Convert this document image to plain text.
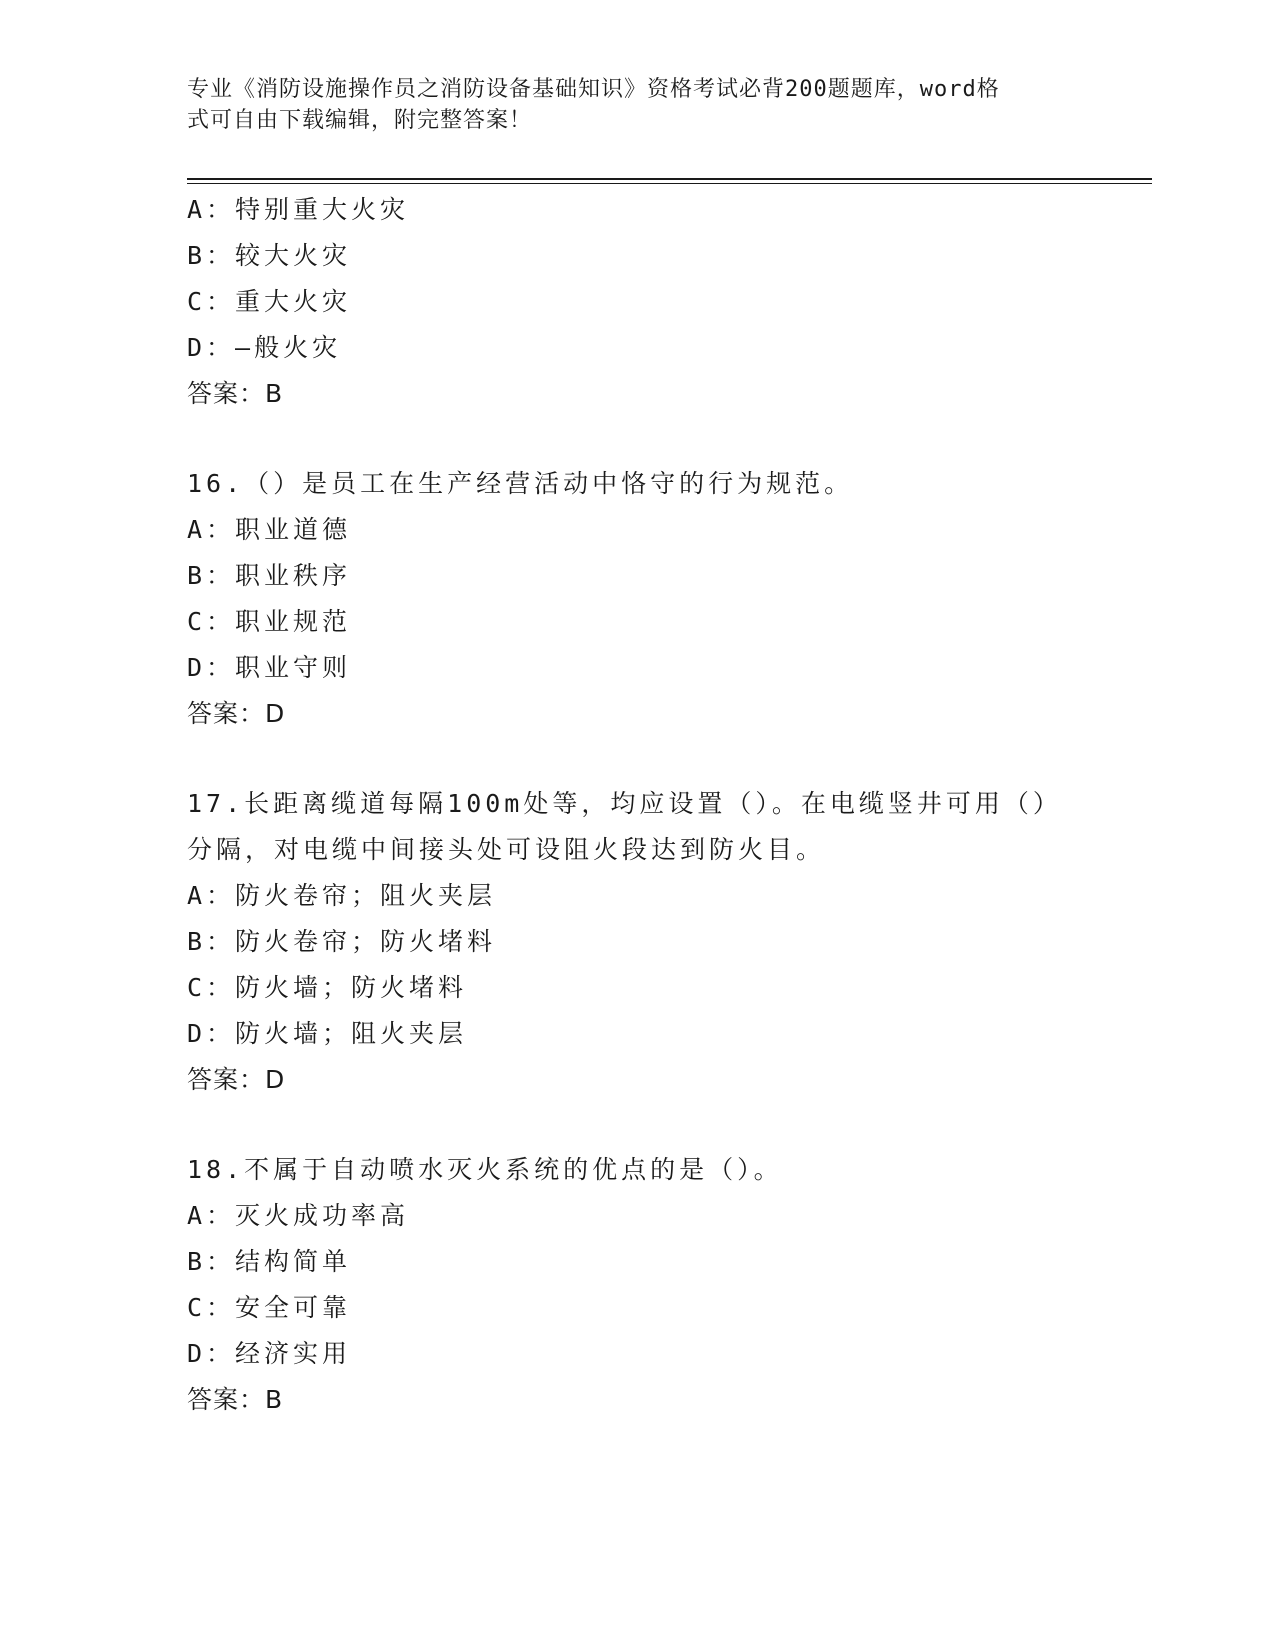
专业《消防设施操作员之消防设备基础知识》资格考试必背200题题库，word格
式可自由下载编辑，附完整答案！
A：特别重大火灾
B：较大火灾
C：重大火灾
D：—般火灾
答案：B
16.（）是员工在生产经营活动中恪守的行为规范。
A：职业道德
B：职业秩序
C：职业规范
D：职业守则
答案：D
17.长距离缆道每隔100m处等，均应设置（）。在电缆竖井可用（）
分隔，对电缆中间接头处可设阻火段达到防火目。
A：防火卷帘；阻火夹层
B：防火卷帘；防火堵料
C：防火墙；防火堵料
D：防火墙；阻火夹层
答案：D
18.不属于自动喷水灭火系统的优点的是（）。
A：灭火成功率高
B：结构简单
C：安全可靠
D：经济实用
答案：B
